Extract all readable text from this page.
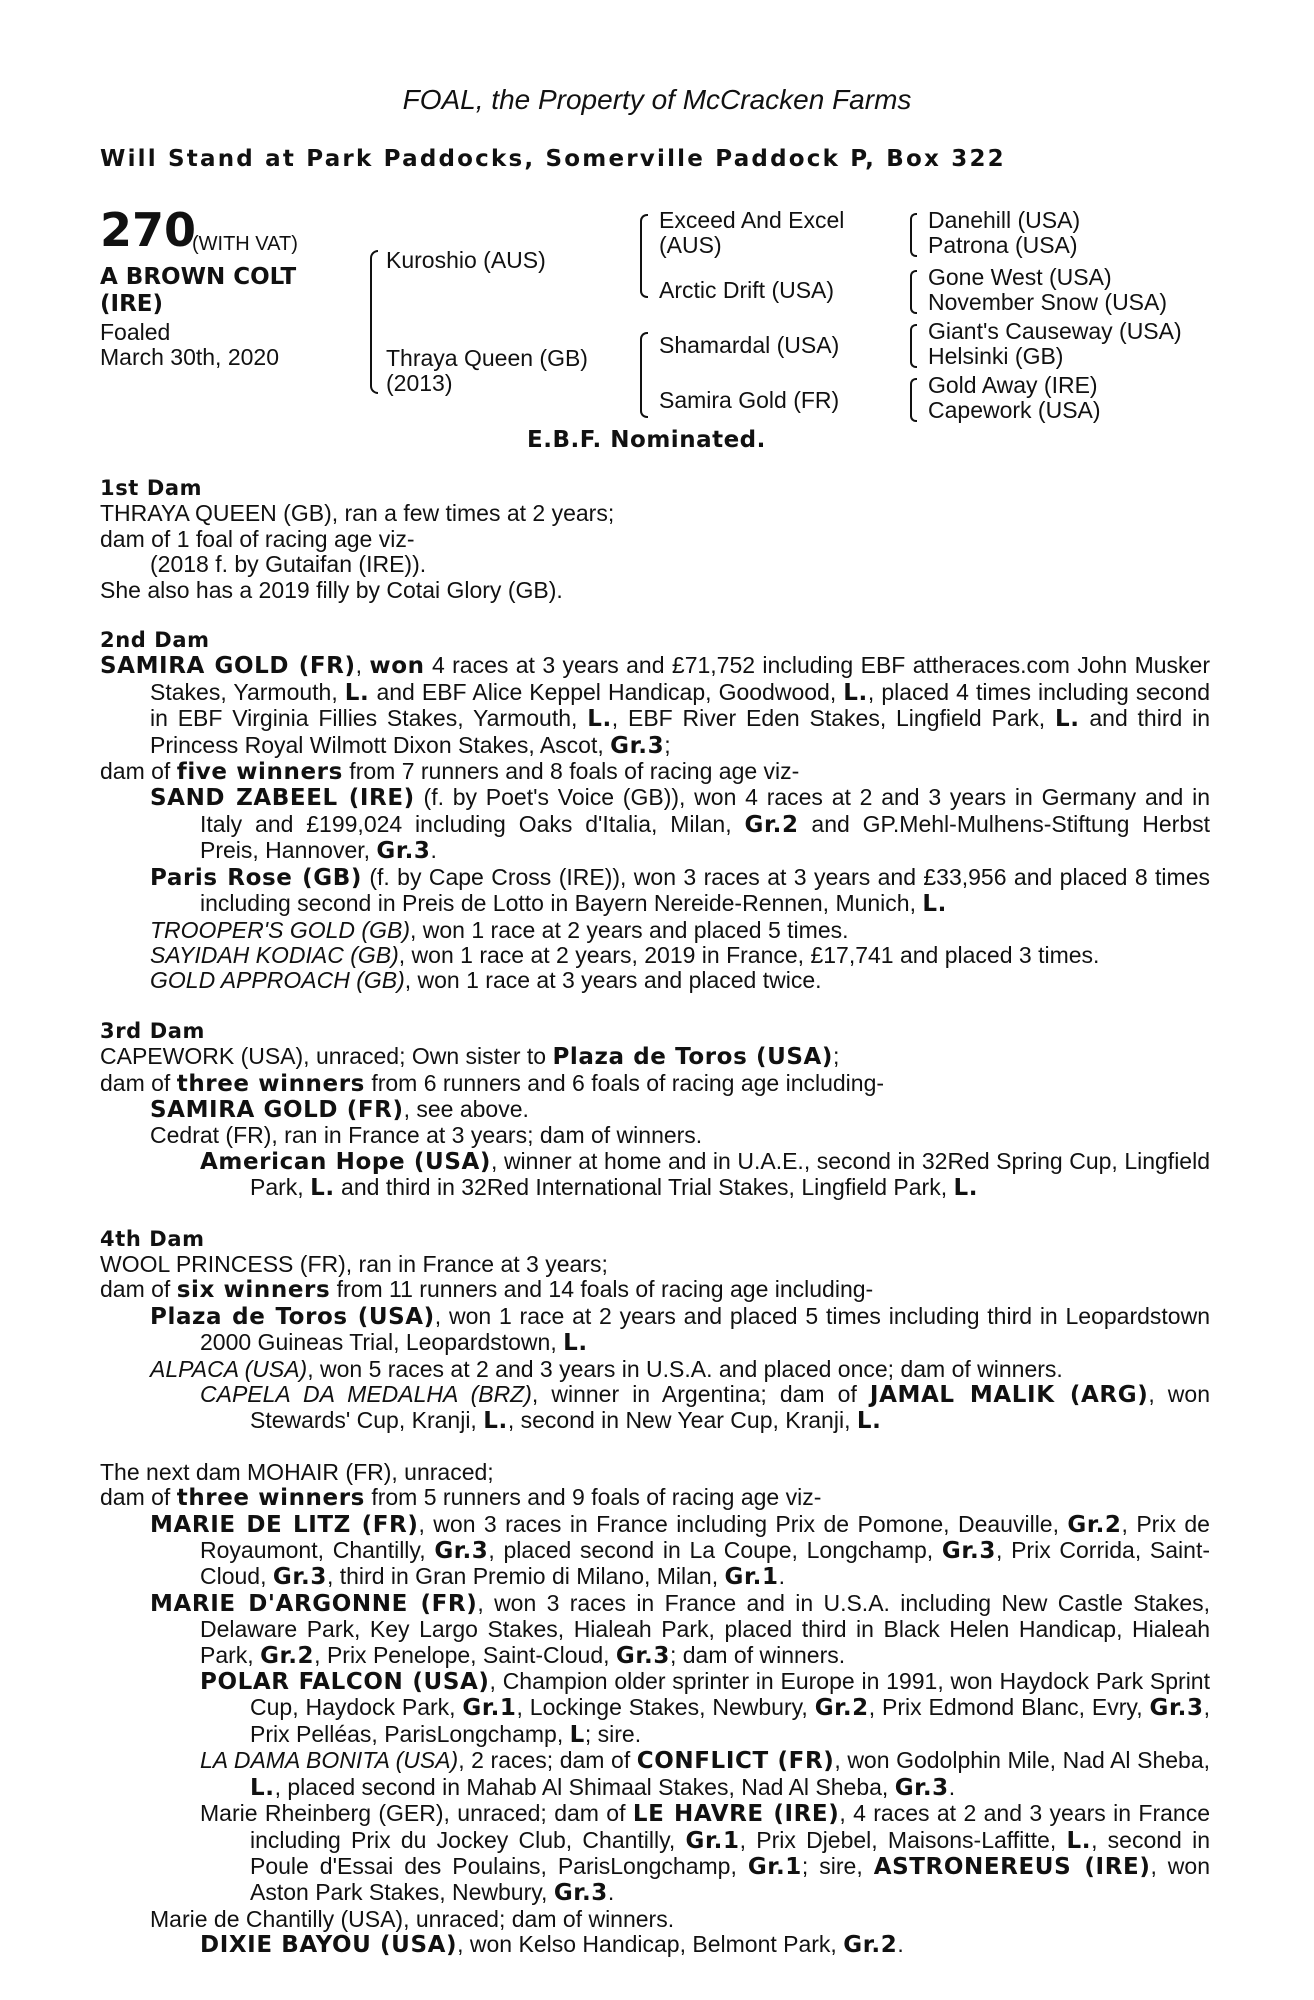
FOAL, the Property of McCracken Farms
Will Stand at Park Paddocks, Somerville Paddock P, Box 322
270
(WITH VAT)
A BROWN COLT (IRE)
Foaled
March 30th, 2020
Kuroshio (AUS)
Thraya Queen (GB)
(2013)
Exceed And Excel
(AUS)
Arctic Drift (USA)
Shamardal (USA)
Samira Gold (FR)
Danehill (USA)
Patrona (USA)
Gone West (USA)
November Snow (USA)
Giant's Causeway (USA)
Helsinki (GB)
Gold Away (IRE)
Capework (USA)
E.B.F. Nominated.
1st Dam

THRAYA QUEEN (GB), ran a few times at 2 years;

dam of 1 foal of racing age viz-

(2018 f. by Gutaifan (IRE)).

She also has a 2019 filly by Cotai Glory (GB).

2nd Dam

SAMIRA GOLD (FR), won 4 races at 3 years and £71,752 including EBF attheraces.com John Musker Stakes, Yarmouth, L. and EBF Alice Keppel Handicap, Goodwood, L., placed 4 times including second in EBF Virginia Fillies Stakes, Yarmouth, L., EBF River Eden Stakes, Lingfield Park, L. and third in Princess Royal Wilmott Dixon Stakes, Ascot, Gr.3;

dam of five winners from 7 runners and 8 foals of racing age viz-

SAND ZABEEL (IRE) (f. by Poet's Voice (GB)), won 4 races at 2 and 3 years in Germany and in Italy and £199,024 including Oaks d'Italia, Milan, Gr.2 and GP.Mehl-Mulhens-Stiftung Herbst Preis, Hannover, Gr.3.

Paris Rose (GB) (f. by Cape Cross (IRE)), won 3 races at 3 years and £33,956 and placed 8 times including second in Preis de Lotto in Bayern Nereide-Rennen, Munich, L.

TROOPER'S GOLD (GB), won 1 race at 2 years and placed 5 times.

SAYIDAH KODIAC (GB), won 1 race at 2 years, 2019 in France, £17,741 and placed 3 times.

GOLD APPROACH (GB), won 1 race at 3 years and placed twice.

3rd Dam

CAPEWORK (USA), unraced; Own sister to Plaza de Toros (USA);

dam of three winners from 6 runners and 6 foals of racing age including-

SAMIRA GOLD (FR), see above.

Cedrat (FR), ran in France at 3 years; dam of winners.

American Hope (USA), winner at home and in U.A.E., second in 32Red Spring Cup, Lingfield Park, L. and third in 32Red International Trial Stakes, Lingfield Park, L.

4th Dam

WOOL PRINCESS (FR), ran in France at 3 years;

dam of six winners from 11 runners and 14 foals of racing age including-

Plaza de Toros (USA), won 1 race at 2 years and placed 5 times including third in Leopardstown 2000 Guineas Trial, Leopardstown, L.

ALPACA (USA), won 5 races at 2 and 3 years in U.S.A. and placed once; dam of winners.

CAPELA DA MEDALHA (BRZ), winner in Argentina; dam of JAMAL MALIK (ARG), won Stewards' Cup, Kranji, L., second in New Year Cup, Kranji, L.

The next dam MOHAIR (FR), unraced;

dam of three winners from 5 runners and 9 foals of racing age viz-

MARIE DE LITZ (FR), won 3 races in France including Prix de Pomone, Deauville, Gr.2, Prix de Royaumont, Chantilly, Gr.3, placed second in La Coupe, Longchamp, Gr.3, Prix Corrida, Saint-Cloud, Gr.3, third in Gran Premio di Milano, Milan, Gr.1.

MARIE D'ARGONNE (FR), won 3 races in France and in U.S.A. including New Castle Stakes, Delaware Park, Key Largo Stakes, Hialeah Park, placed third in Black Helen Handicap, Hialeah Park, Gr.2, Prix Penelope, Saint-Cloud, Gr.3; dam of winners.

POLAR FALCON (USA), Champion older sprinter in Europe in 1991, won Haydock Park Sprint Cup, Haydock Park, Gr.1, Lockinge Stakes, Newbury, Gr.2, Prix Edmond Blanc, Evry, Gr.3, Prix Pelléas, ParisLongchamp, L; sire.

LA DAMA BONITA (USA), 2 races; dam of CONFLICT (FR), won Godolphin Mile, Nad Al Sheba, L., placed second in Mahab Al Shimaal Stakes, Nad Al Sheba, Gr.3.

Marie Rheinberg (GER), unraced; dam of LE HAVRE (IRE), 4 races at 2 and 3 years in France including Prix du Jockey Club, Chantilly, Gr.1, Prix Djebel, Maisons-Laffitte, L., second in Poule d'Essai des Poulains, ParisLongchamp, Gr.1; sire, ASTRONEREUS (IRE), won Aston Park Stakes, Newbury, Gr.3.

Marie de Chantilly (USA), unraced; dam of winners.

DIXIE BAYOU (USA), won Kelso Handicap, Belmont Park, Gr.2.
